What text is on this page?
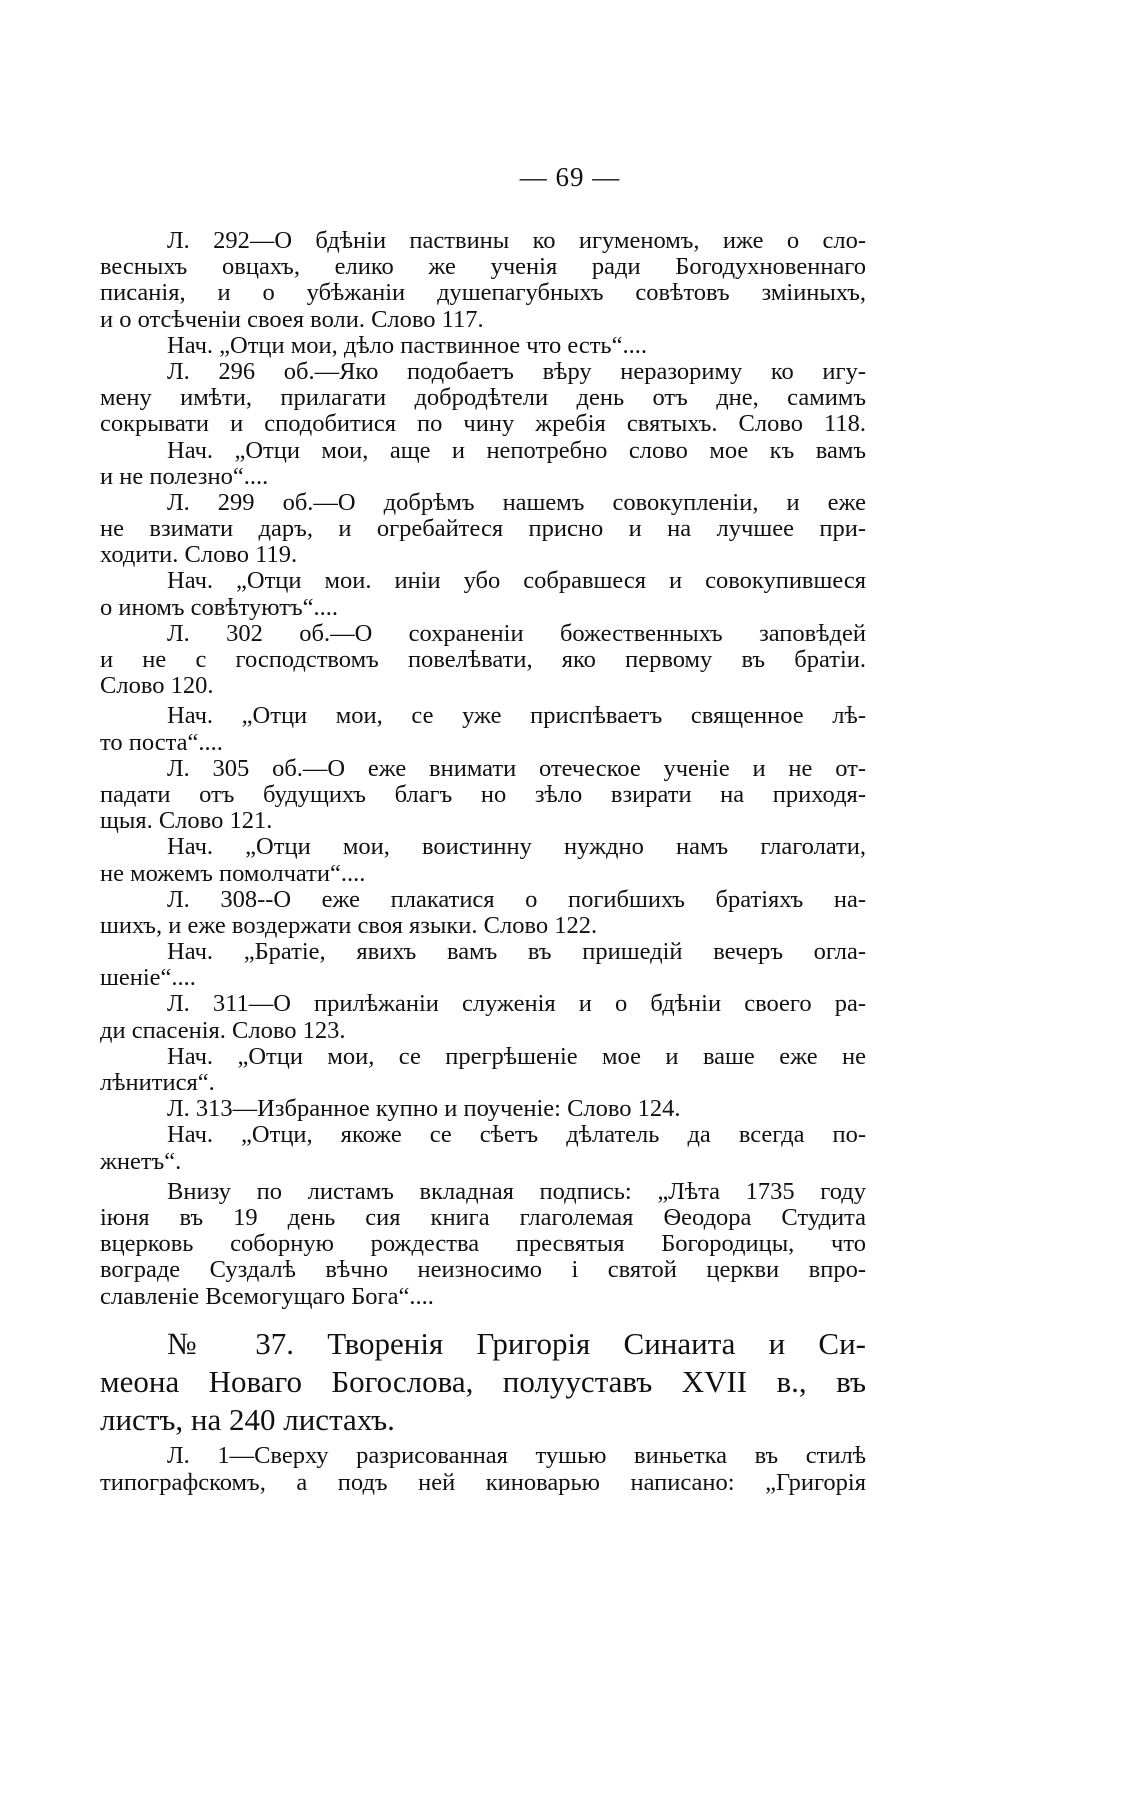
— 69 —
Л. 292—О бдѣніи паствины ко игуменомъ, иже о сло-
весныхъ овцахъ, елико же ученія ради Богодухновеннаго
писанія, и о убѣжаніи душепагубныхъ совѣтовъ зміиныхъ,
и о отсѣченіи своея воли. Слово 117.
Нач. „Отци мои, дѣло паствинное что есть“....
Л. 296 об.—Яко подобаетъ вѣру неразориму ко игу-
мену имѣти, прилагати добродѣтели день отъ дне, самимъ
сокрывати и сподобитися по чину жребія святыхъ. Слово 118.
Нач. „Отци мои, аще и непотребно слово мое къ вамъ
и не полезно“....
Л. 299 об.—О добрѣмъ нашемъ совокупленіи, и еже
не взимати даръ, и огребайтеся присно и на лучшее при-
ходити. Слово 119.
Нач. „Отци мои. иніи убо собравшеся и совокупившеся
о иномъ совѣтуютъ“....
Л. 302 об.—О сохраненіи божественныхъ заповѣдей
и не с господствомъ повелѣвати, яко первому въ братіи.
Слово 120.
Нач. „Отци мои, се уже приспѣваетъ священное лѣ-
то поста“....
Л. 305 об.—О еже внимати отеческое ученіе и не от-
падати отъ будущихъ благъ но зѣло взирати на приходя-
щыя. Слово 121.
Нач. „Отци мои, воистинну нуждно намъ глаголати,
не можемъ помолчати“....
Л. 308--О еже плакатися о погибшихъ братіяхъ на-
шихъ, и еже воздержати своя языки. Слово 122.
Нач. „Братіе, явихъ вамъ въ пришедій вечеръ огла-
шеніе“....
Л. 311—О прилѣжаніи служенія и о бдѣніи своего ра-
ди спасенія. Слово 123.
Нач. „Отци мои, се прегрѣшеніе мое и ваше еже не
лѣнитися“.
Л. 313—Избранное купно и поученіе: Слово 124.
Нач. „Отци, якоже се сѣетъ дѣлатель да всегда по-
жнетъ“.
Внизу по листамъ вкладная подпись: „Лѣта 1735 году
іюня въ 19 день сия книга глаголемая Ѳеодора Студита
вцерковь соборную рождества пресвятыя Богородицы, что
вограде Суздалѣ вѣчно неизносимо і святой церкви впро-
славленіе Всемогущаго Бога“....
№ 37. Творенія Григорія Синаита и Си-
меона Новаго Богослова, полууставъ XVII в., въ
листъ, на 240 листахъ.
Л. 1—Сверху разрисованная тушью виньетка въ стилѣ
типографскомъ, а подъ ней киноварью написано: „Григорія
